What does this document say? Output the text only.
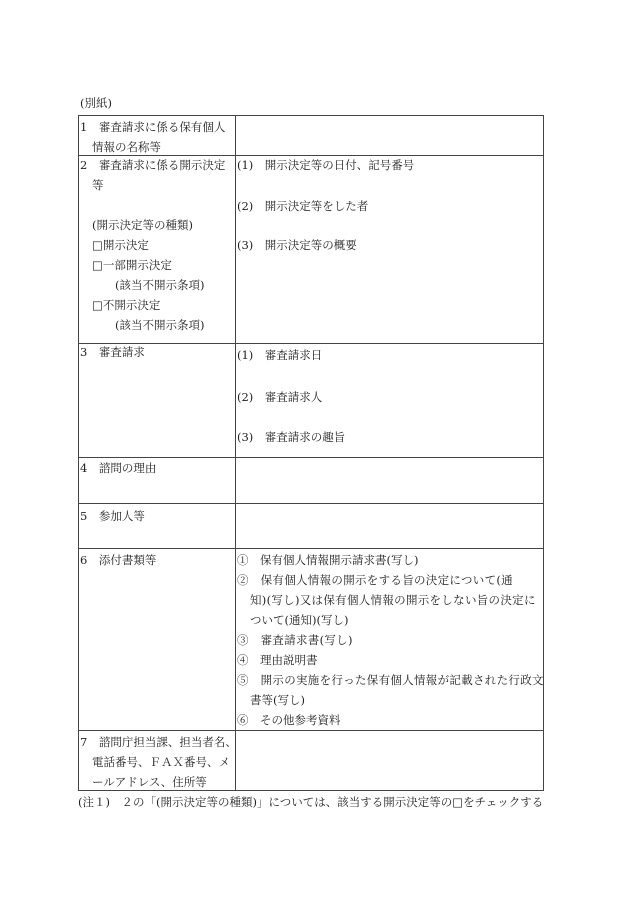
(別紙)
(注１)　２の「(開示決定等の種類)」については、該当する開示決定等の□をチェックする
1　審査請求に係る保有個人
情報の名称等
2　審査請求に係る開示決定
等
(開示決定等の種類)
□開示決定
□一部開示決定
　　(該当不開示条項)
□不開示決定
　　(該当不開示条項)
(1)　開示決定等の日付、記号番号
(2)　開示決定等をした者
(3)　開示決定等の概要
3　審査請求	(1)　審査請求日
(2)　審査請求人
(3)　審査請求の趣旨
4　諮問の理由
5　参加人等
6　添付書類等	①　保有個人情報開示請求書(写し)
②　保有個人情報の開示をする旨の決定について(通
知)(写し)又は保有個人情報の開示をしない旨の決定に
ついて(通知)(写し)
③　審査請求書(写し)
④　理由説明書
⑤　開示の実施を行った保有個人情報が記載された行政文
書等(写し)
⑥　その他参考資料
7　諮問庁担当課、担当者名、
電話番号、ＦＡＸ番号、メ
ールアドレス、住所等
